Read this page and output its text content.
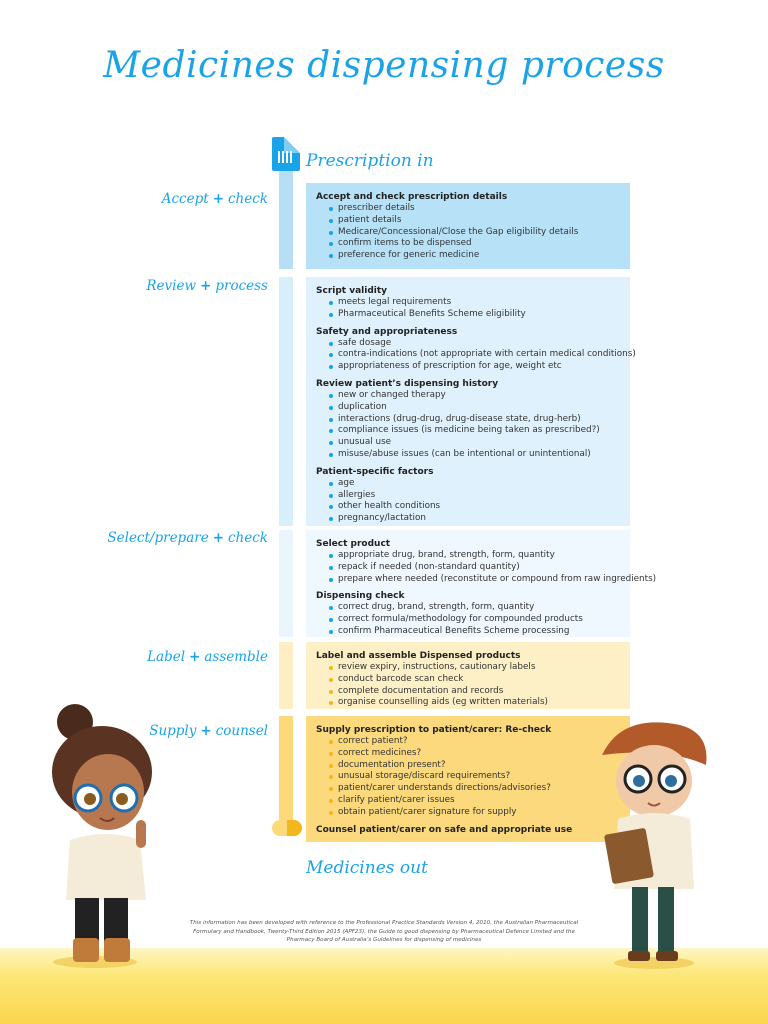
Medicines dispensing process
Prescription in
Medicines out
Accept + check
Review + process
Select/prepare + check
Label + assemble
Supply + counsel
Accept and check prescription details
prescriber details
patient details
Medicare/Concessional/Close the Gap eligibility details
confirm items to be dispensed
preference for generic medicine
Script validity
meets legal requirements
Pharmaceutical Benefits Scheme eligibility
Safety and appropriateness
safe dosage
contra-indications (not appropriate with certain medical conditions)
appropriateness of prescription for age, weight etc
Review patient’s dispensing history
new or changed therapy
duplication
interactions (drug-drug, drug-disease state, drug-herb)
compliance issues (is medicine being taken as prescribed?)
unusual use
misuse/abuse issues (can be intentional or unintentional)
Patient-specific factors
age
allergies
other health conditions
pregnancy/lactation
Select product
appropriate drug, brand, strength, form, quantity
repack if needed (non-standard quantity)
prepare where needed (reconstitute or compound from raw ingredients)
Dispensing check
correct drug, brand, strength, form, quantity
correct formula/methodology for compounded products
confirm Pharmaceutical Benefits Scheme processing
Label and assemble Dispensed products
review expiry, instructions, cautionary labels
conduct barcode scan check
complete documentation and records
organise counselling aids (eg written materials)
Supply prescription to patient/carer: Re-check
correct patient?
correct medicines?
documentation present?
unusual storage/discard requirements?
patient/carer understands directions/advisories?
clarify patient/carer issues
obtain patient/carer signature for supply
Counsel patient/carer on safe and appropriate use
This information has been developed with reference to the Professional Practice Standards Version 4, 2010, the Australian Pharmaceutical Formulary and Handbook, Twenty-Third Edition 2015 (APF23), the Guide to good dispensing by Pharmaceutical Defence Limited and the Pharmacy Board of Australia’s Guidelines for dispensing of medicines
